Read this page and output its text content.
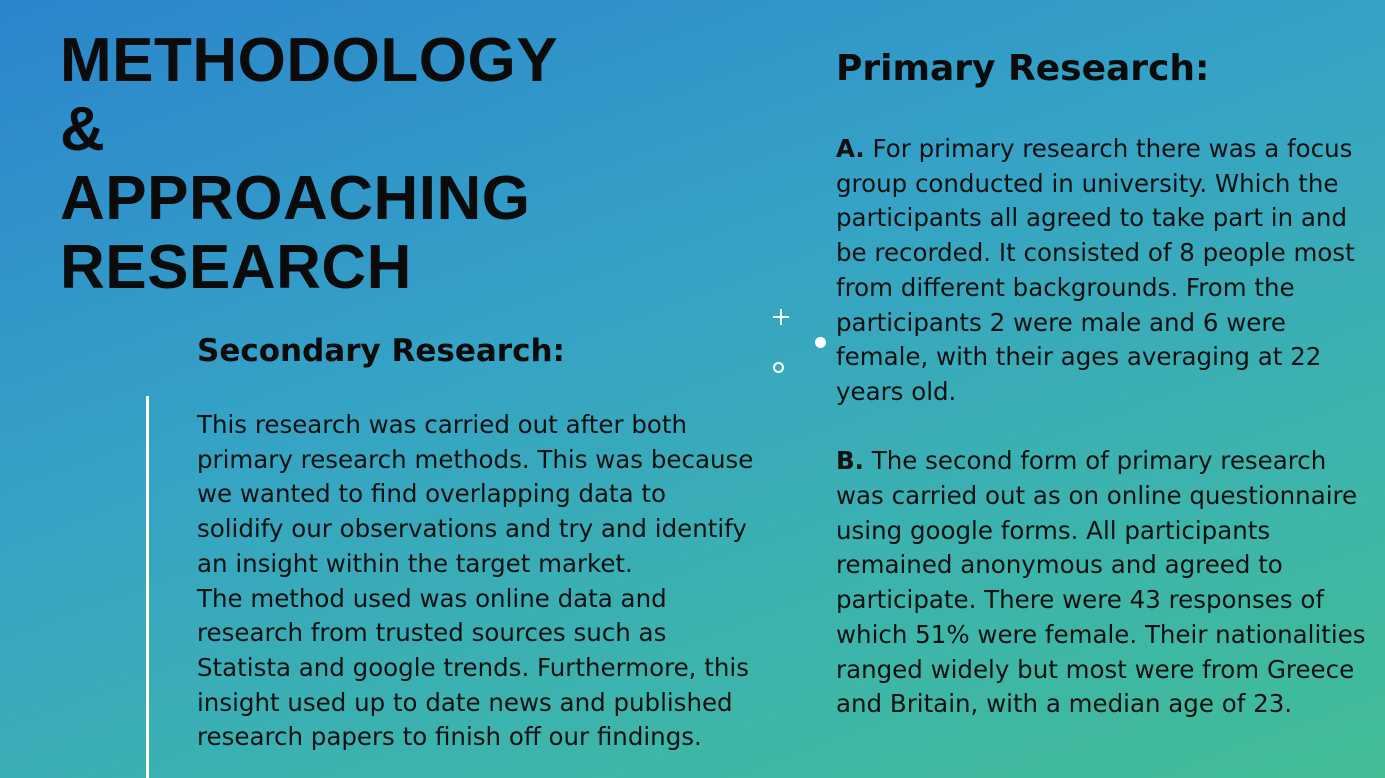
METHODOLOGY
&
APPROACHING
RESEARCH
Secondary Research:

This research was carried out after both primary research methods. This was because we wanted to find overlapping data to solidify our observations and try and identify an insight within the target market.

The method used was online data and research from trusted sources such as Statista and google trends. Furthermore, this insight used up to date news and published research papers to finish off our findings.

Primary Research:

A. For primary research there was a focus group conducted in university. Which the participants all agreed to take part in and be recorded. It consisted of 8 people most from different backgrounds. From the participants 2 were male and 6 were female, with their ages averaging at 22 years old.

B. The second form of primary research was carried out as on online questionnaire using google forms. All participants remained anonymous and agreed to participate. There were 43 responses of which 51% were female. Their nationalities ranged widely but most were from Greece and Britain, with a median age of 23.
